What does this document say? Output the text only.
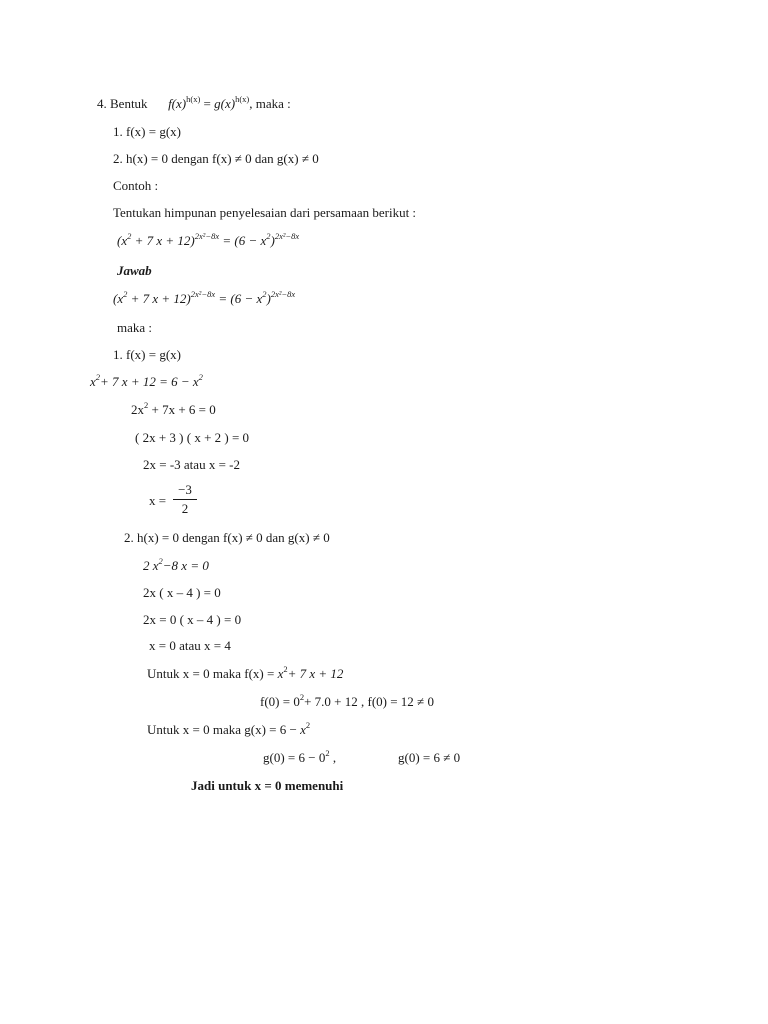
4. Bentuk $f(x)^{h(x)} = g(x)^{h(x)}$, maka :
1. f(x) = g(x)
2. h(x) = 0 dengan f(x) ≠ 0 dan g(x) ≠ 0
Contoh :
Tentukan himpunan penyelesaian dari persamaan berikut :
($x^2 + 7$ $x + 12)^{2x^2-8x} = (6 - x^2)^{2x^2-8x}$
Jawab
($x^2 + 7$ $x + 12)^{2x^2-8x} = (6 - x^2)^{2x^2-8x}$
maka :
1. f(x) = g(x)
$x^2+ 7$ $x + 12 = 6 - x^2$
$2x^2 + 7x + 6 = 0$
( 2x + 3 ) ( x + 2 ) = 0
2x = -3 atau x = -2
$x = \frac{-3}{2}$
2. h(x) = 0 dengan f(x) ≠ 0 dan g(x) ≠ 0
2 $x^2-8$ x = 0
2x ( x – 4 ) = 0
2x = 0 ( x – 4 ) = 0
x = 0 atau x = 4
Untuk x = 0 maka $f(x) = x^2+ 7$ x + 12
$f(0) = 0^2+ 7.0 + 12$ , f(0) = 12 ≠ 0
Untuk x = 0 maka $g(x) = 6 - x^2$
$g(0) = 6 - 0^2$ ,	g(0) = 6 ≠ 0
Jadi untuk x = 0 memenuhi
